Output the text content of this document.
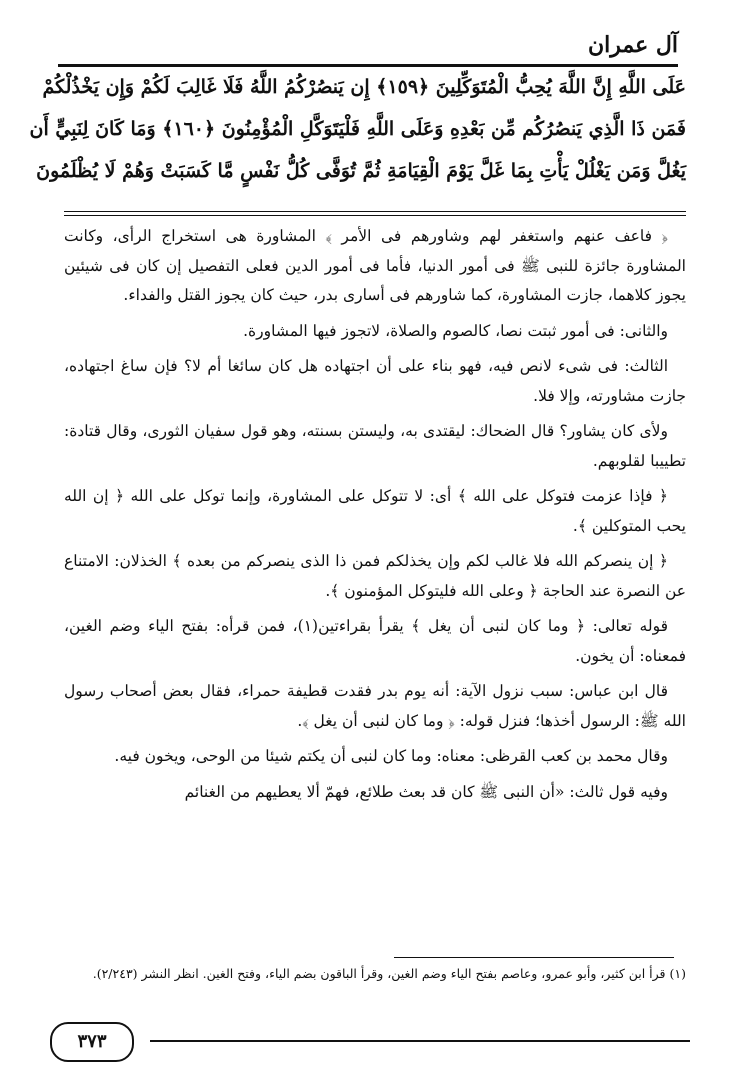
آل عمران
عَلَى اللَّهِ إِنَّ اللَّهَ يُحِبُّ الْمُتَوَكِّلِينَ ﴿١٥٩﴾ إِن يَنصُرْكُمُ اللَّهُ فَلَا غَالِبَ لَكُمْ وَإِن يَخْذُلْكُمْ
فَمَن ذَا الَّذِي يَنصُرُكُم مِّن بَعْدِهِ وَعَلَى اللَّهِ فَلْيَتَوَكَّلِ الْمُؤْمِنُونَ ﴿١٦٠﴾ وَمَا كَانَ لِنَبِيٍّ أَن
يَغُلَّ وَمَن يَغْلُلْ يَأْتِ بِمَا غَلَّ يَوْمَ الْقِيَامَةِ ثُمَّ تُوَفَّى كُلُّ نَفْسٍ مَّا كَسَبَتْ وَهُمْ لَا يُظْلَمُونَ

﴿ فاعف عنهم واستغفر لهم وشاورهم فى الأمر ﴾ المشاورة هى استخراج الرأى، وكانت المشاورة جائزة للنبى ﷺ فى أمور الدنيا، فأما فى أمور الدين فعلى التفصيل إن كان فى شيئين يجوز كلاهما، جازت المشاورة، كما شاورهم فى أسارى بدر، حيث كان يجوز القتل والفداء.

والثانى: فى أمور ثبتت نصا، كالصوم والصلاة، لاتجوز فيها المشاورة.

الثالث: فى شىء لانص فيه، فهو بناء على أن اجتهاده هل كان سائغا أم لا؟ فإن ساغ اجتهاده، جازت مشاورته، وإلا فلا.

ولأى كان يشاور؟ قال الضحاك: ليقتدى به، وليستن بسنته، وهو قول سفيان الثورى، وقال قتادة: تطييبا لقلوبهم.

﴿ فإذا عزمت فتوكل على الله ﴾ أى: لا تتوكل على المشاورة، وإنما توكل على الله ﴿ إن الله يحب المتوكلين ﴾.

﴿ إن ينصركم الله فلا غالب لكم وإن يخذلكم فمن ذا الذى ينصركم من بعده ﴾ الخذلان: الامتناع عن النصرة عند الحاجة ﴿ وعلى الله فليتوكل المؤمنون ﴾.

قوله تعالى: ﴿ وما كان لنبى أن يغل ﴾ يقرأ بقراءتين(١)، فمن قرأه: بفتح الياء وضم الغين، فمعناه: أن يخون.

قال ابن عباس: سبب نزول الآية: أنه يوم بدر فقدت قطيفة حمراء، فقال بعض أصحاب رسول الله ﷺ: الرسول أخذها؛ فنزل قوله: ﴿ وما كان لنبى أن يغل ﴾.

وقال محمد بن كعب القرظى: معناه: وما كان لنبى أن يكتم شيئا من الوحى، ويخون فيه.

وفيه قول ثالث: «أن النبى ﷺ كان قد بعث طلائع، فهمّ ألا يعطيهم من الغنائم

(١) قرأ ابن كثير، وأبو عمرو، وعاصم بفتح الياء وضم الغين، وقرأ الباقون بضم الياء، وفتح الغين. انظر النشر (٢/٢٤٣).

٣٧٣
